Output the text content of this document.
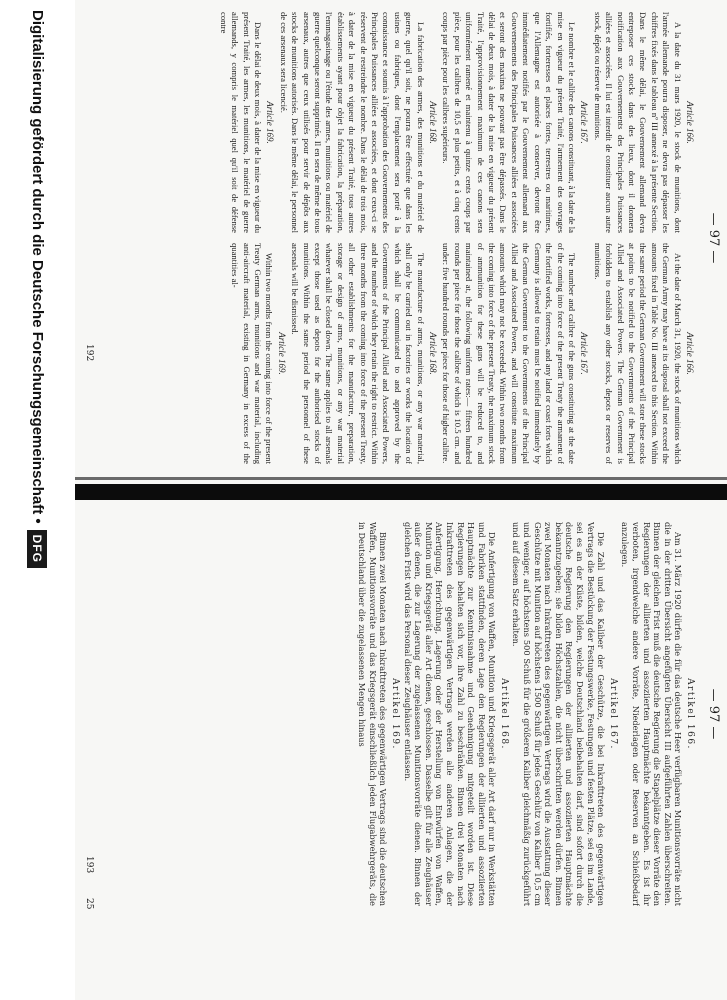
— 97 —
Article 166.

A la date du 31 mars 1920, le stock de munitions, dont l'armée allemande pourra disposer, ne devra pas dépasser les chiffres fixés dans le tableau nº III annexé à la présente Section. Dans le même délai, le Gouvernement allemand devra entreposer ces stocks dans des lieux, dont il donnera notification aux Gouvernements des Principales Puissances alliées et associées. Il lui est interdit de constituer aucun autre stock, dépôt ou réserve de munitions.

Article 167.

Le nombre et le calibre des canons constituant, à la date de la mise en vigueur du présent Traité, l'armement des ouvrages fortifiés, forteresses et places fortes, terrestres ou maritimes, que l'Allemagne est autorisée à conserver, devront être immédiatement notifiés par le Gouvernement allemand aux Gouvernements des Principales Puissances alliées et associées et seront des maxima ne pouvant pas être dépassés. Dans le délai de deux mois, à dater de la mise en vigueur du présent Traité, l'approvisionnement maximum de ces canons sera uniformément ramené et maintenu à quinze cents coups par pièce, pour les calibres de 10,5 et plus petits, et à cinq cents coups par pièce pour les calibres supérieurs.

Article 168.

La fabrication des armes, des munitions et du matériel de guerre, quel qu'il soit, ne pourra être effectuée que dans les usines ou fabriques, dont l'emplacement sera porté à la connaissance et soumis à l'approbation des Gouvernements des Principales Puissances alliées et associées, et dont ceux-ci se réservent de restreindre le nombre. Dans le délai de trois mois, à dater de la mise en vigueur du présent Traité, tous autres établissements ayant pour objet la fabrication, la préparation, l'emmagasinage ou l'étude des armes, munitions ou matériel de guerre quelconque seront supprimés. Il en sera de même de tous arsenaux, autres que ceux utilisés pour servir de dépôts aux stocks de munitions autorisés. Dans le même délai, le personnel de ces arsenaux sera licencié.

Article 169.

Dans le délai de deux mois, à dater de la mise en vigueur du présent Traité, les armes, les munitions, le matériel de guerre allemands, y compris le matériel quel qu'il soit de défense contre

Article 166.

At the date of March 31, 1920, the stock of munitions which the German Army may have at its disposal shall not exceed the amounts fixed in Table No. III annexed to this Section. Within the same period the German Government will store these stocks at points to be notified to the Governments of the Principal Allied and Associated Powers. The German Government is forbidden to establish any other stocks, depots or reserves of munitions.

Article 167.

The number and calibre of the guns constituting at the date of the coming into force of the present Treaty the armament of the fortified works, fortresses, and any land or coast forts which Germany is allowed to retain must be notified immediately by the German Government to the Governments of the Principal Allied and Associated Powers, and will constitute maximum amounts which may not be exceeded. Within two months from the coming into force of the present Treaty, the maximum stock of ammunition for these guns will be reduced to, and maintained at, the following uniform rates:— fifteen hundred rounds per piece for those the calibre of which is 10.5 cm. and under: five hundred rounds per piece for those of higher calibre.

Article 168.

The manufacture of arms, munitions, or any war material, shall only be carried out in factories or works the location of which shall be communicated to and approved by the Governments of the Principal Allied and Associated Powers, and the number of which they retain the right to restrict. Within three months from the coming into force of the present Treaty, all other establishments for the manufacture, preparation, storage or design of arms, munitions, or any war material whatever shall be closed down. The same applies to all arsenals except those used as depots for the authorised stocks of munitions. Within the same period the personnel of these arsenals will be dismissed.

Article 169.

Within two months from the coming into force of the present Treaty German arms, munitions and war material, including anti-aircraft material, existing in Germany in excess of the quantities al-

192
— 97 —
Artikel 166.

Am 31. März 1920 dürfen die für das deutsche Heer verfügbaren Munitionsvorräte nicht die in der dritten Übersicht angefügten Übersicht III aufgeführten Zahlen überschreiten. Binnen der gleichen Frist muß die deutsche Regierung die Stapelplätze dieser Vorräte den Regierungen der alliierten und assoziierten Hauptmächte bekanntgeben. Es ist ihr verboten, irgendwelche andere Vorräte, Niederlagen oder Reserven an Schießbedarf anzulegen.

Artikel 167.

Die Zahl und das Kaliber der Geschütze, die bei Inkrafttreten des gegenwärtigen Vertrags die Bestückung der Festungswerke, Festungen und festen Plätze, sei es im Lande, sei es an der Küste, bilden, welche Deutschland beibehalten darf, sind sofort durch die deutsche Regierung den Regierungen der alliierten und assoziierten Hauptmächte bekanntzugeben; sie bilden Höchstzahlen, die nicht überschritten werden dürfen. Binnen zwei Monaten nach Inkrafttreten des gegenwärtigen Vertrags wird die Ausstattung dieser Geschütze mit Munition auf höchstens 1500 Schuß für jedes Geschütz von Kaliber 10,5 cm und weniger, auf höchstens 500 Schuß für die größeren Kaliber gleichmäßig zurückgeführt und auf diesem Satz erhalten.

Artikel 168.

Die Anfertigung von Waffen, Munition und Kriegsgerät aller Art darf nur in Werkstätten und Fabriken stattfinden, deren Lage den Regierungen der alliierten und assoziierten Hauptmächte zur Kenntnisnahme und Genehmigung mitgeteilt worden ist. Diese Regierungen behalten sich vor, ihre Zahl zu beschränken. Binnen drei Monaten nach Inkrafttreten des gegenwärtigen Vertrags werden alle anderen Anlagen, die der Anfertigung, Herrichtung, Lagerung oder der Herstellung von Entwürfen von Waffen, Munition und Kriegsgerät aller Art dienen, geschlossen. Dasselbe gilt für alle Zeughäuser außer denen, die zur Lagerung der zugelassenen Munitionsvorräte dienen. Binnen der gleichen Frist wird das Personal dieser Zeughäuser entlassen.

Artikel 169.

Binnen zwei Monaten nach Inkrafttreten des gegenwärtigen Vertrags sind die deutschen Waffen, Munitionsvorräte und das Kriegsgerät einschließlich jeden Flugabwehrgeräts, die in Deutschland über die zugelassenen Mengen hinaus

193
25
Digitalisierung gefördert durch die Deutsche Forschungsgemeinschaft •
DFG
